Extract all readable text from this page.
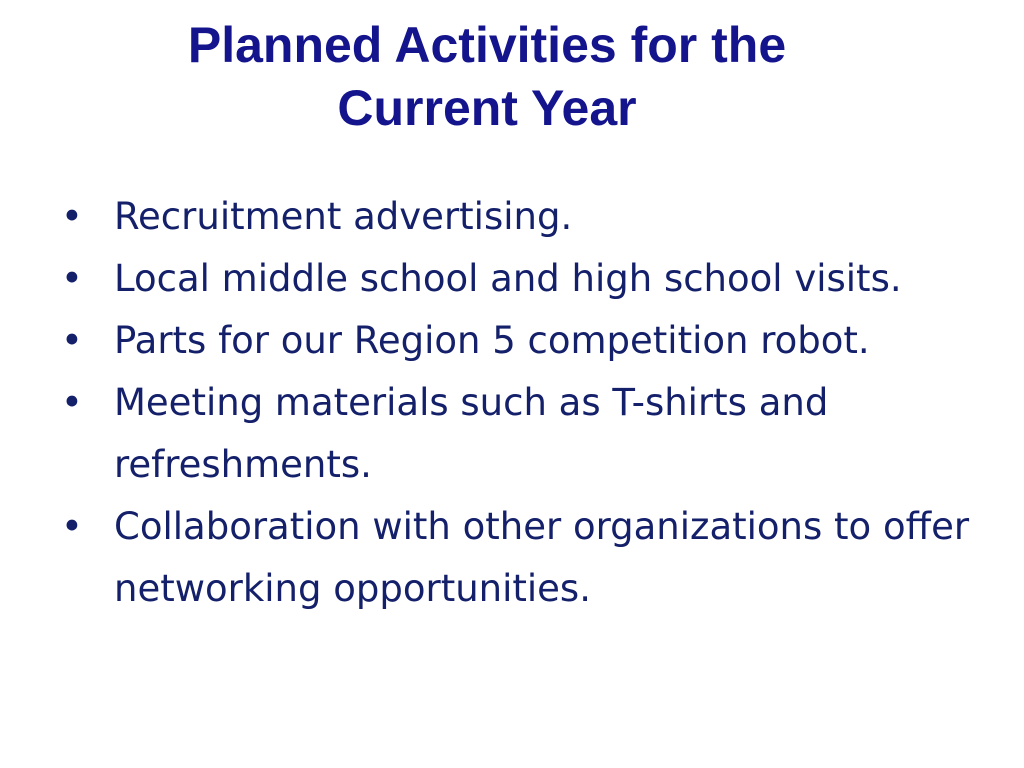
Planned Activities for the
Current Year
• Recruitment advertising.
• Local middle school and high school visits.
• Parts for our Region 5 competition robot.
• Meeting materials such as T-shirts and refreshments.
• Collaboration with other organizations to offer networking opportunities.
